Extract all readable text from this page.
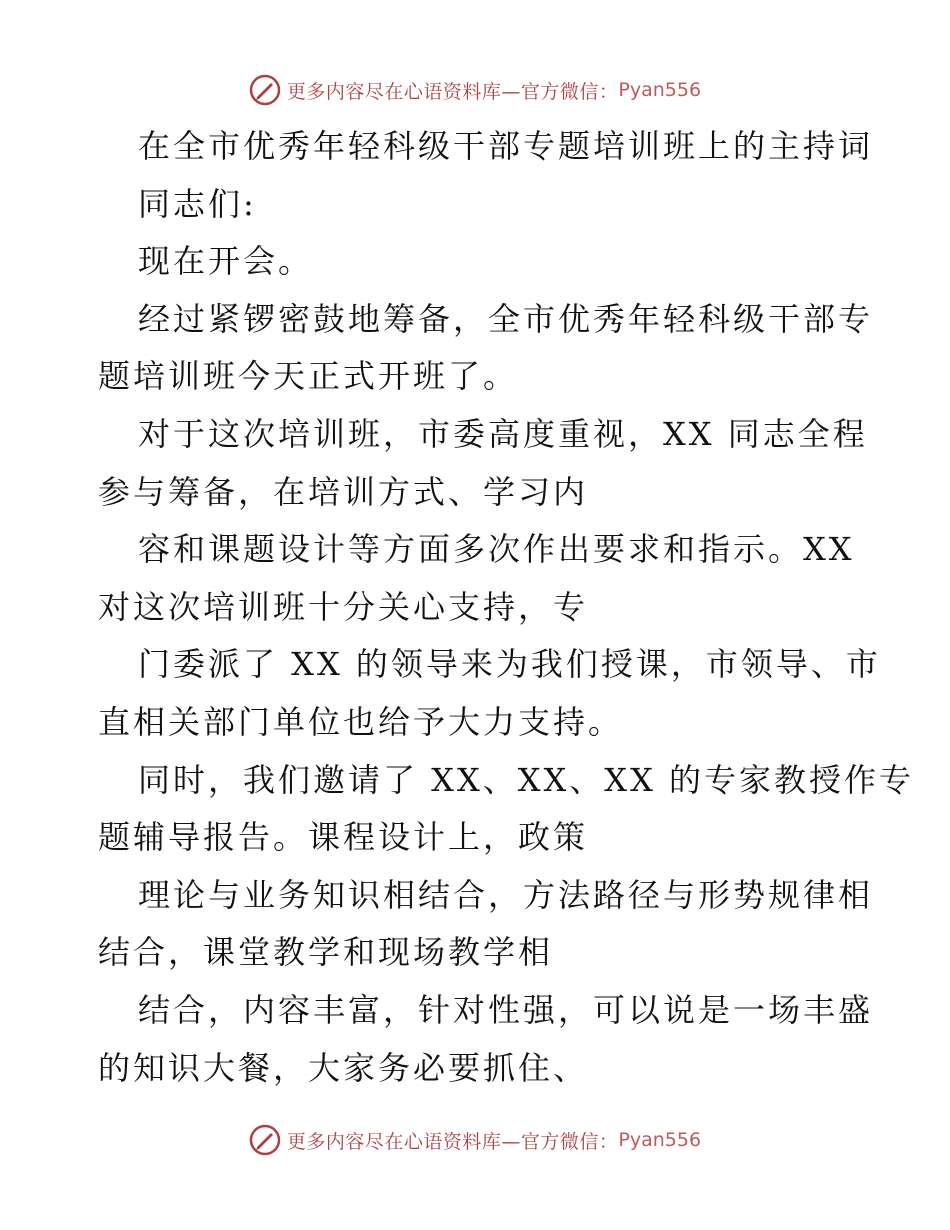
更多内容尽在心语资料库—官方微信： Pyan556
在全市优秀年轻科级干部专题培训班上的主持词
同志们:
现在开会。
经过紧锣密鼓地筹备，全市优秀年轻科级干部专
题培训班今天正式开班了。
对于这次培训班，市委高度重视，XX 同志全程
参与筹备，在培训方式、学习内
容和课题设计等方面多次作出要求和指示。XX
对这次培训班十分关心支持，专
门委派了 XX 的领导来为我们授课，市领导、市
直相关部门单位也给予大力支持。
同时，我们邀请了 XX、XX、XX 的专家教授作专
题辅导报告。课程设计上，政策
理论与业务知识相结合，方法路径与形势规律相
结合，课堂教学和现场教学相
结合，内容丰富，针对性强，可以说是一场丰盛
的知识大餐，大家务必要抓住、
更多内容尽在心语资料库—官方微信： Pyan556
